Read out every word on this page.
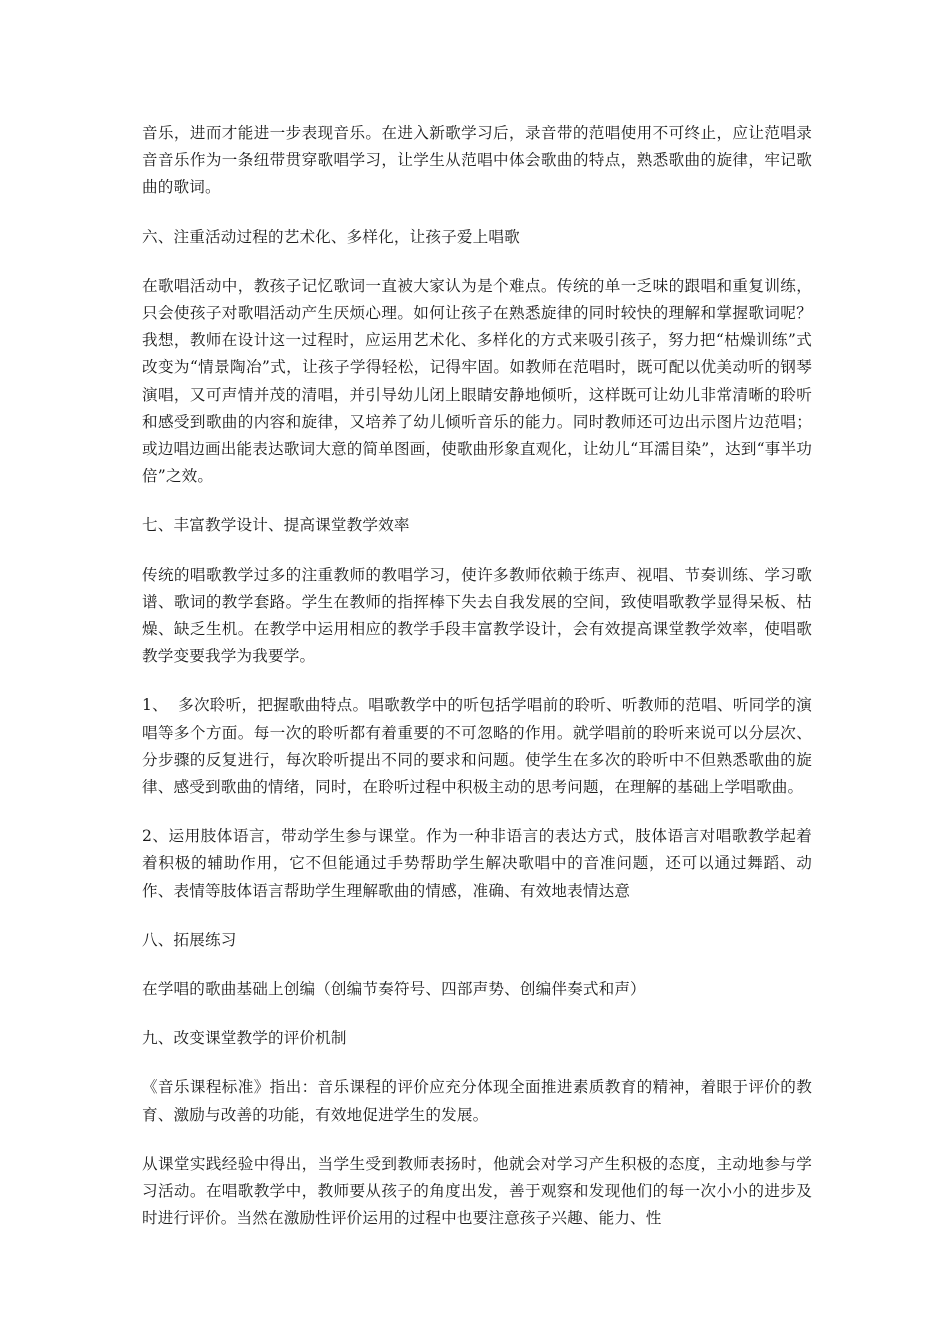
音乐，进而才能进一步表现音乐。在进入新歌学习后，录音带的范唱使用不可终止，应让范唱录音音乐作为一条纽带贯穿歌唱学习，让学生从范唱中体会歌曲的特点，熟悉歌曲的旋律，牢记歌曲的歌词。

六、注重活动过程的艺术化、多样化，让孩子爱上唱歌

在歌唱活动中，教孩子记忆歌词一直被大家认为是个难点。传统的单一乏味的跟唱和重复训练，只会使孩子对歌唱活动产生厌烦心理。如何让孩子在熟悉旋律的同时较快的理解和掌握歌词呢？我想，教师在设计这一过程时，应运用艺术化、多样化的方式来吸引孩子，努力把“枯燥训练”式改变为“情景陶冶”式，让孩子学得轻松，记得牢固。如教师在范唱时，既可配以优美动听的钢琴演唱，又可声情并茂的清唱，并引导幼儿闭上眼睛安静地倾听，这样既可让幼儿非常清晰的聆听和感受到歌曲的内容和旋律，又培养了幼儿倾听音乐的能力。同时教师还可边出示图片边范唱；或边唱边画出能表达歌词大意的简单图画，使歌曲形象直观化，让幼儿“耳濡目染”，达到“事半功倍”之效。

七、丰富教学设计、提高课堂教学效率

传统的唱歌教学过多的注重教师的教唱学习，使许多教师依赖于练声、视唱、节奏训练、学习歌谱、歌词的教学套路。学生在教师的指挥棒下失去自我发展的空间，致使唱歌教学显得呆板、枯燥、缺乏生机。在教学中运用相应的教学手段丰富教学设计，会有效提高课堂教学效率，使唱歌教学变要我学为我要学。

1、 多次聆听，把握歌曲特点。唱歌教学中的听包括学唱前的聆听、听教师的范唱、听同学的演唱等多个方面。每一次的聆听都有着重要的不可忽略的作用。就学唱前的聆听来说可以分层次、分步骤的反复进行，每次聆听提出不同的要求和问题。使学生在多次的聆听中不但熟悉歌曲的旋律、感受到歌曲的情绪，同时，在聆听过程中积极主动的思考问题，在理解的基础上学唱歌曲。

2、运用肢体语言，带动学生参与课堂。作为一种非语言的表达方式，肢体语言对唱歌教学起着着积极的辅助作用，它不但能通过手势帮助学生解决歌唱中的音准问题，还可以通过舞蹈、动作、表情等肢体语言帮助学生理解歌曲的情感，准确、有效地表情达意

八、拓展练习

在学唱的歌曲基础上创编（创编节奏符号、四部声势、创编伴奏式和声）

九、改变课堂教学的评价机制

《音乐课程标准》指出：音乐课程的评价应充分体现全面推进素质教育的精神，着眼于评价的教育、激励与改善的功能，有效地促进学生的发展。

从课堂实践经验中得出，当学生受到教师表扬时，他就会对学习产生积极的态度，主动地参与学习活动。在唱歌教学中，教师要从孩子的角度出发，善于观察和发现他们的每一次小小的进步及时进行评价。当然在激励性评价运用的过程中也要注意孩子兴趣、能力、性
